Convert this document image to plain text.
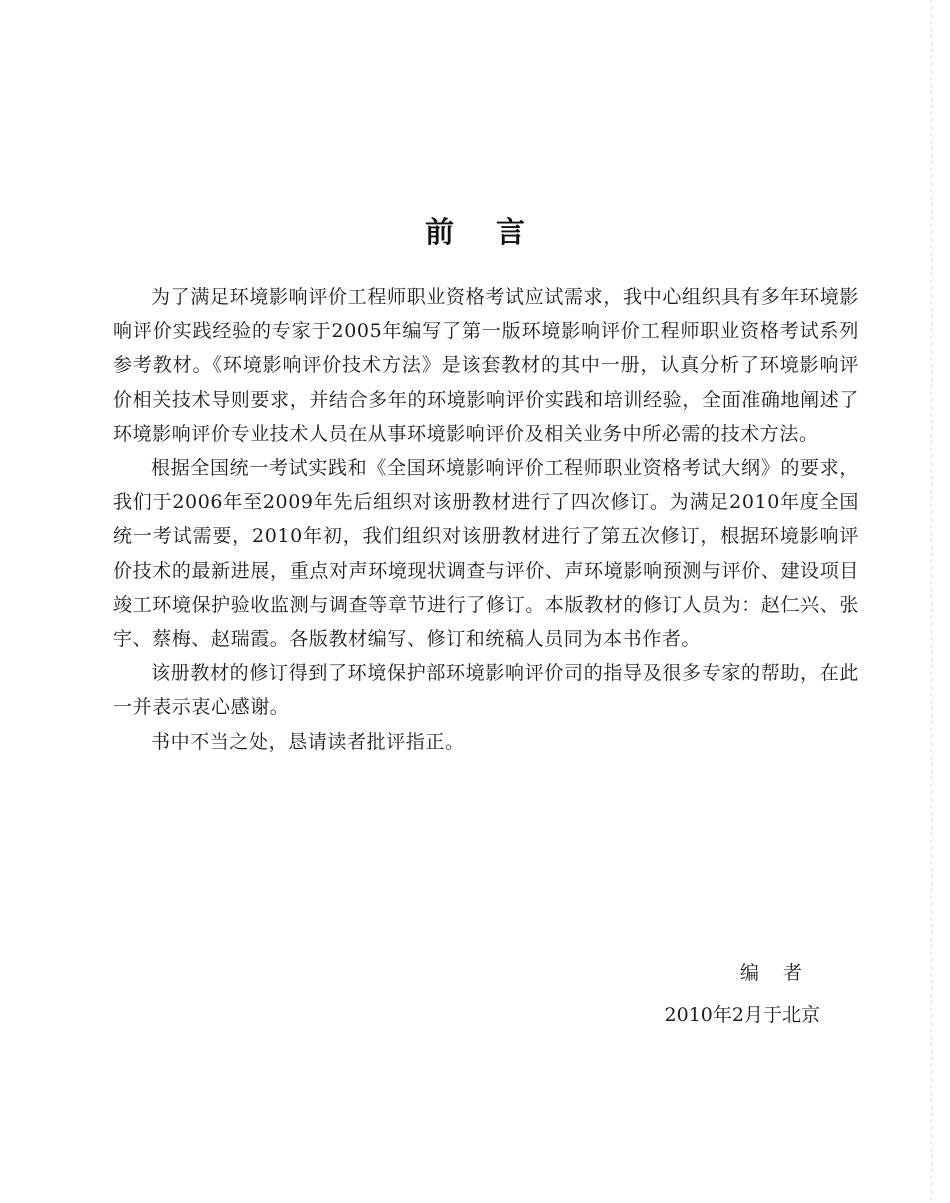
前言

为了满足环境影响评价工程师职业资格考试应试需求，我中心组织具有多年环境影响评价实践经验的专家于2005年编写了第一版环境影响评价工程师职业资格考试系列参考教材。《环境影响评价技术方法》是该套教材的其中一册，认真分析了环境影响评价相关技术导则要求，并结合多年的环境影响评价实践和培训经验，全面准确地阐述了环境影响评价专业技术人员在从事环境影响评价及相关业务中所必需的技术方法。

根据全国统一考试实践和《全国环境影响评价工程师职业资格考试大纲》的要求，我们于2006年至2009年先后组织对该册教材进行了四次修订。为满足2010年度全国统一考试需要，2010年初，我们组织对该册教材进行了第五次修订，根据环境影响评价技术的最新进展，重点对声环境现状调查与评价、声环境影响预测与评价、建设项目竣工环境保护验收监测与调查等章节进行了修订。本版教材的修订人员为：赵仁兴、张宇、蔡梅、赵瑞霞。各版教材编写、修订和统稿人员同为本书作者。

该册教材的修订得到了环境保护部环境影响评价司的指导及很多专家的帮助，在此一并表示衷心感谢。

书中不当之处，恳请读者批评指正。

编者
2010年2月于北京
